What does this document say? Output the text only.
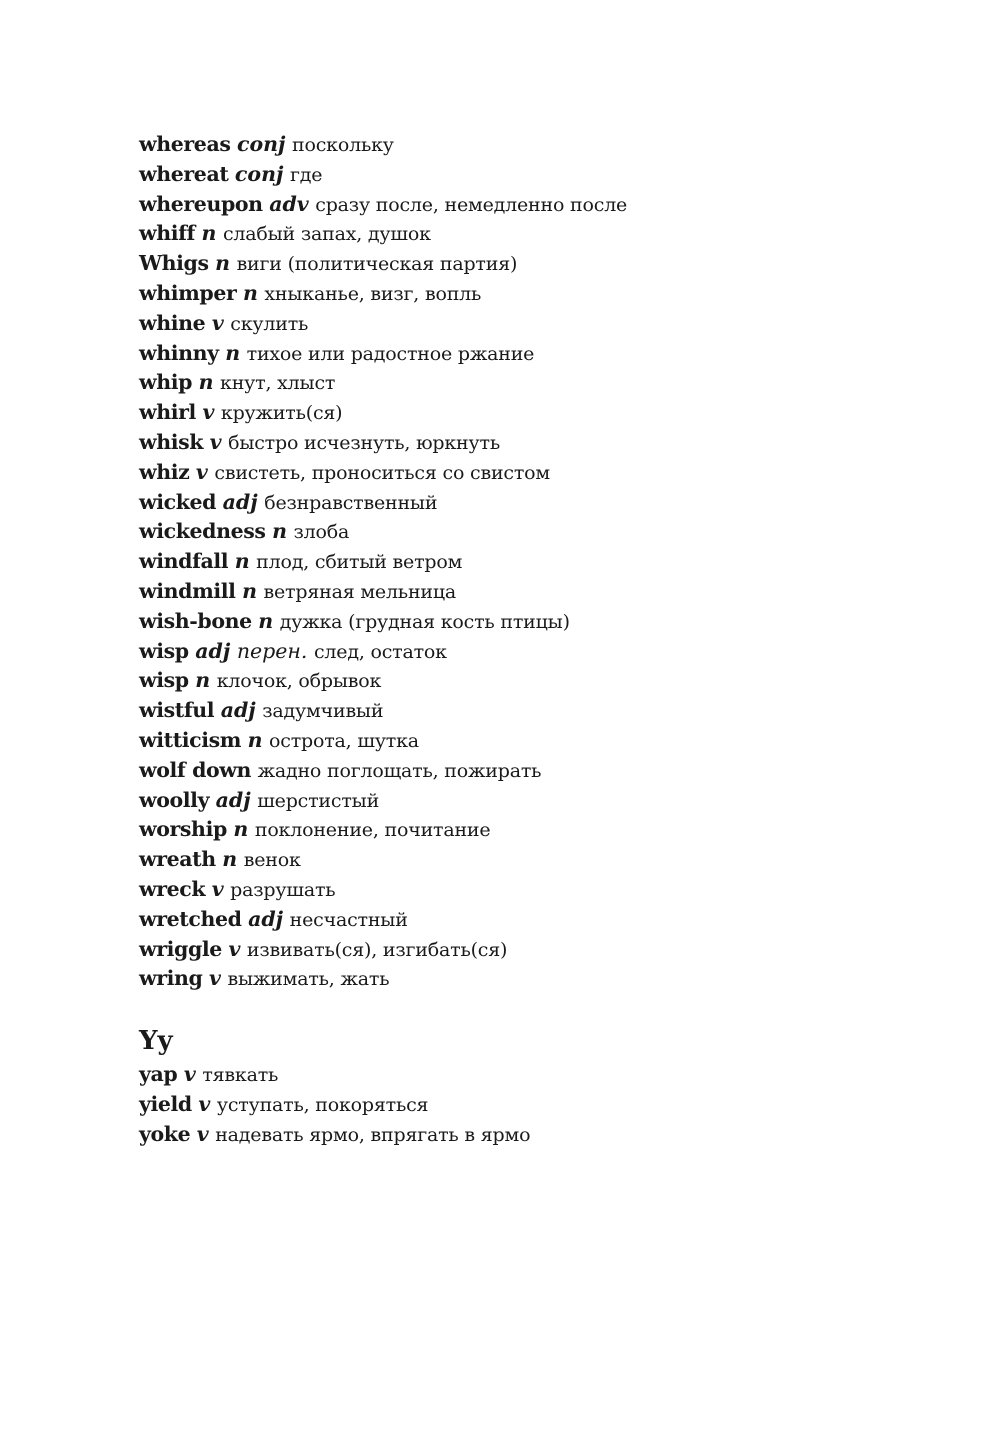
whereas conj поскольку
whereat conj где
whereupon adv сразу после, немедленно после
whiff n слабый запах, душок
Whigs n виги (политическая партия)
whimper n хныканье, визг, вопль
whine v скулить
whinny n тихое или радостное ржание
whip n кнут, хлыст
whirl v кружить(ся)
whisk v быстро исчезнуть, юркнуть
whiz v свистеть, проноситься со свистом
wicked adj безнравственный
wickedness n злоба
windfall n плод, сбитый ветром
windmill n ветряная мельница
wish-bone n дужка (грудная кость птицы)
wisp adj перен. след, остаток
wisp n клочок, обрывок
wistful adj задумчивый
witticism n острота, шутка
wolf down жадно поглощать, пожирать
woolly adj шерстистый
worship n поклонение, почитание
wreath n венок
wreck v разрушать
wretched adj несчастный
wriggle v извивать(ся), изгибать(ся)
wring v выжимать, жать
Yy
yap v тявкать
yield v уступать, покоряться
yoke v надевать ярмо, впрягать в ярмо
